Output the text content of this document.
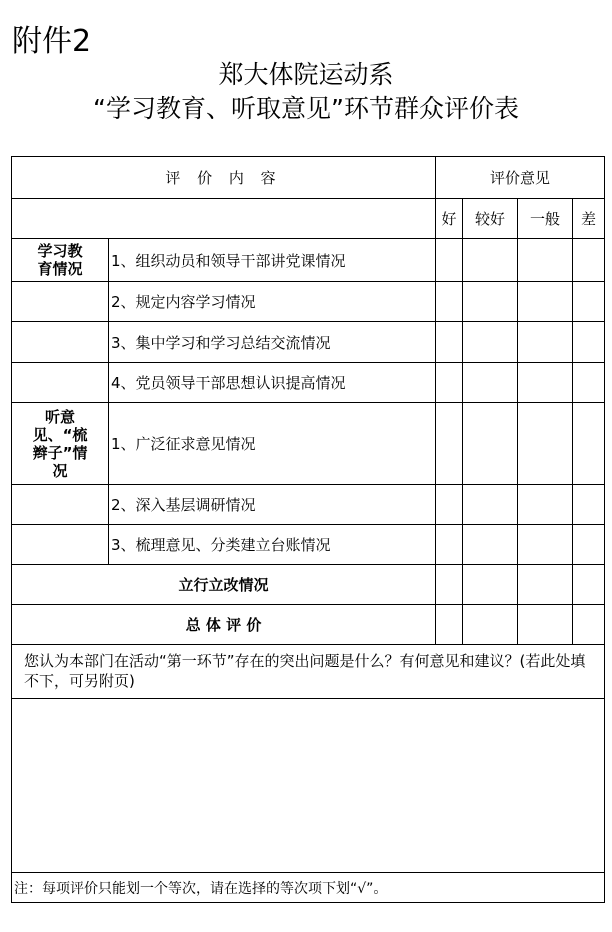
附件2
郑大体院运动系
“学习教育、听取意见”环节群众评价表
评 价 内 容		评价意见			
		好	较好	一般	差

学习教育情况	1、组织动员和领导干部讲党课情况				
	2、规定内容学习情况				
	3、集中学习和学习总结交流情况				
	4、党员领导干部思想认识提高情况				

听意见、“梳辫子”情况	1、广泛征求意见情况				
	2、深入基层调研情况				
	3、梳理意见、分类建立台账情况				
立行立改情况					
总 体 评 价					
您认为本部门在活动“第一环节”存在的突出问题是什么？有何意见和建议？(若此处填不下，可另附页)					

注：每项评价只能划一个等次，请在选择的等次项下划“√”。					
